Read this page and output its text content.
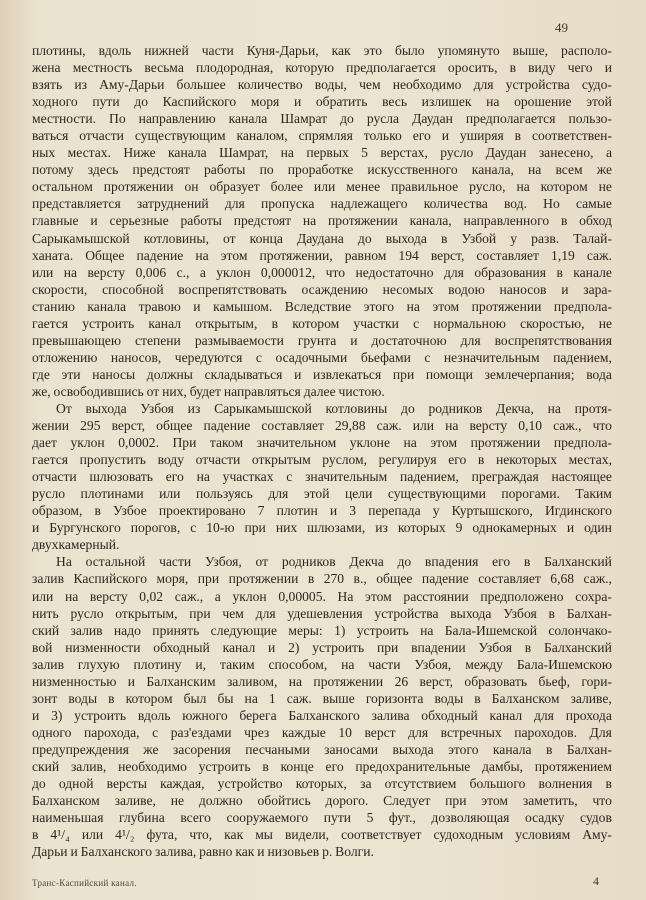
49
плотины, вдоль нижней части Куня-Дарьи, как это было упомянуто выше, располо-
жена местность весьма плодородная, которую предполагается оросить, в виду чего и
взять из Аму-Дарьи большее количество воды, чем необходимо для устройства судо-
ходного пути до Каспийского моря и обратить весь излишек на орошение этой
местности. По направлению канала Шамрат до русла Даудан предполагается пользо-
ваться отчасти существующим каналом, спрямляя только его и уширяя в соответствен-
ных местах. Ниже канала Шамрат, на первых 5 верстах, русло Даудан занесено, а
потому здесь предстоят работы по проработке искусственного канала, на всем же
остальном протяжении он образует более или менее правильное русло, на котором не
представляется затруднений для пропуска надлежащего количества вод. Но самые
главные и серьезные работы предстоят на протяжении канала, направленного в обход
Сарыкамышской котловины, от конца Даудана до выхода в Узбой у разв. Талай-
ханата. Общее падение на этом протяжении, равном 194 верст, составляет 1,19 саж.
или на версту 0,006 с., а уклон 0,000012, что недостаточно для образования в канале
скорости, способной воспрепятствовать осаждению несомых водою наносов и зара-
станию канала травою и камышом. Вследствие этого на этом протяжении предпола-
гается устроить канал открытым, в котором участки с нормальною скоростью, не
превышающею степени размываемости грунта и достаточною для воспрепятствования
отложению наносов, чередуются с осадочными бьефами с незначительным падением,
где эти наносы должны складываться и извлекаться при помощи землечерпания; вода
же, освободившись от них, будет направляться далее чистою.
От выхода Узбоя из Сарыкамышской котловины до родников Декча, на протя-
жении 295 верст, общее падение составляет 29,88 саж. или на версту 0,10 саж., что
дает уклон 0,0002. При таком значительном уклоне на этом протяжении предпола-
гается пропустить воду отчасти открытым руслом, регулируя его в некоторых местах,
отчасти шлюзовать его на участках с значительным падением, преграждая настоящее
русло плотинами или пользуясь для этой цели существующими порогами. Таким
образом, в Узбое проектировано 7 плотин и 3 перепада у Куртышского, Игдинского
и Бургунского порогов, с 10-ю при них шлюзами, из которых 9 однокамерных и один
двухкамерный.
На остальной части Узбоя, от родников Декча до впадения его в Балханский
залив Каспийского моря, при протяжении в 270 в., общее падение составляет 6,68 саж.,
или на версту 0,02 саж., а уклон 0,00005. На этом расстоянии предположено сохра-
нить русло открытым, при чем для удешевления устройства выхода Узбоя в Балхан-
ский залив надо принять следующие меры: 1) устроить на Бала-Ишемской солончако-
вой низменности обходный канал и 2) устроить при впадении Узбоя в Балханский
залив глухую плотину и, таким способом, на части Узбоя, между Бала-Ишемскою
низменностью и Балханским заливом, на протяжении 26 верст, образовать бьеф, гори-
зонт воды в котором был бы на 1 саж. выше горизонта воды в Балханском заливе,
и 3) устроить вдоль южного берега Балханского залива обходный канал для прохода
одного парохода, с раз'ездами чрез каждые 10 верст для встречных пароходов. Для
предупреждения же засорения песчаными заносами выхода этого канала в Балхан-
ский залив, необходимо устроить в конце его предохранительные дамбы, протяжением
до одной версты каждая, устройство которых, за отсутствием большого волнения в
Балханском заливе, не должно обойтись дорого. Следует при этом заметить, что
наименьшая глубина всего сооружаемого пути 5 фут., дозволяющая осадку судов
в 4¹/₄ или 4¹/₂ фута, что, как мы видели, соответствует судоходным условиям Аму-
Дарьи и Балханского залива, равно как и низовьев р. Волги.
Транс-Каспийский канал.	4
